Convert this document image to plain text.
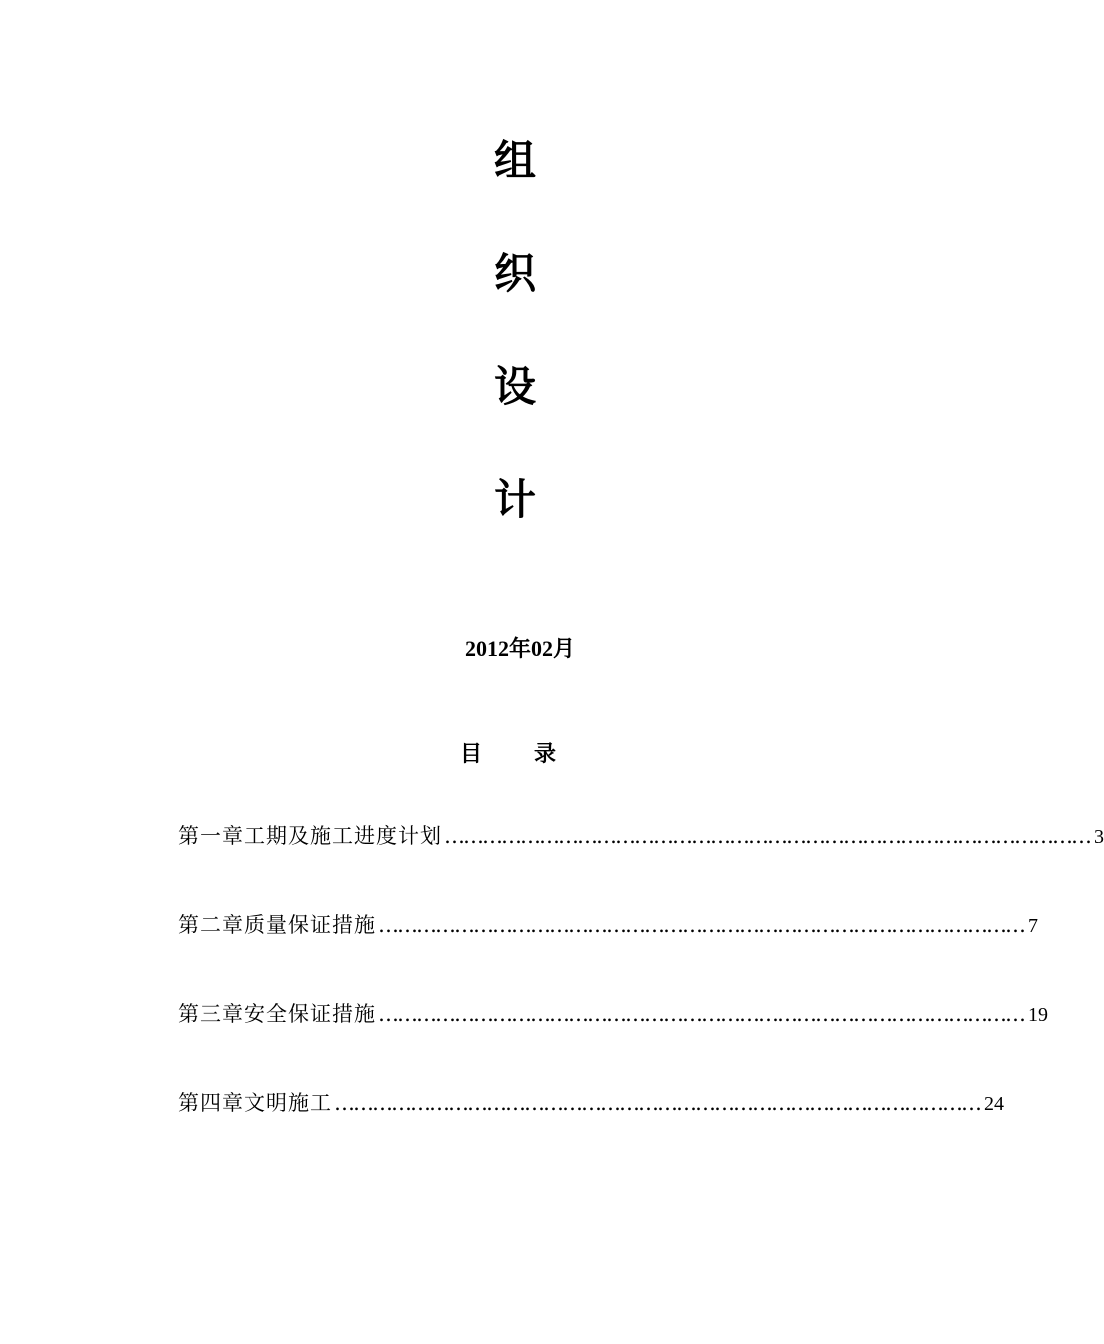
组
织
设
计
2012年02月
目 录
第一章 工期及施工进度计划 ………………………………………………………………………………………… 3
第二章 质量保证措施 ………………………………………………………………………………………… 7
第三章 安全保证措施 ………………………………………………………………………………………… 19
第四章 文明施工 ………………………………………………………………………………………… 24
